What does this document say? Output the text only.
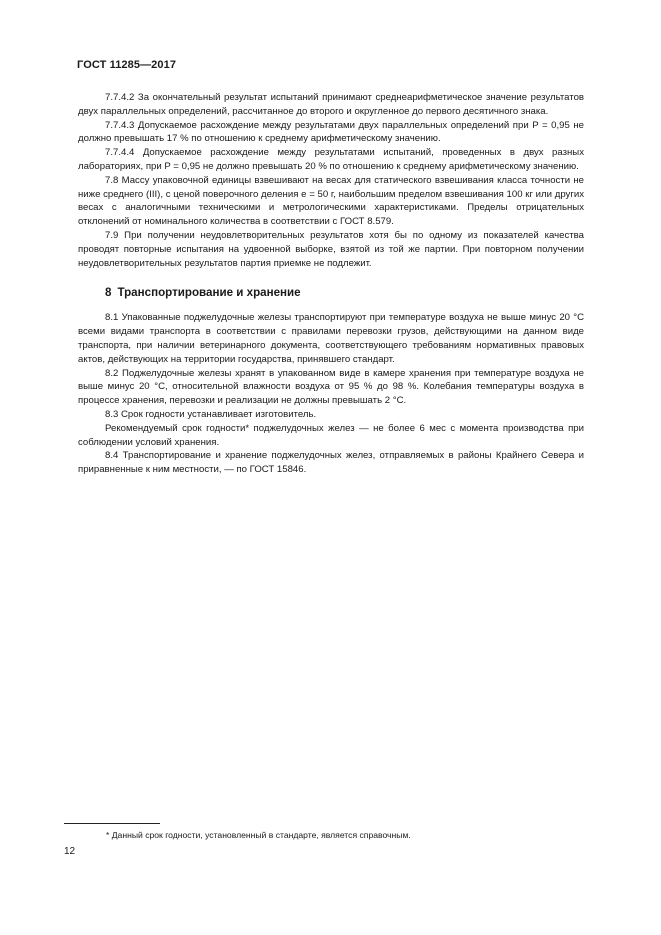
ГОСТ 11285—2017

7.7.4.2 За окончательный результат испытаний принимают среднеарифметическое значение результатов двух параллельных определений, рассчитанное до второго и округленное до первого десятичного знака.

7.7.4.3 Допускаемое расхождение между результатами двух параллельных определений при P = 0,95 не должно превышать 17 % по отношению к среднему арифметическому значению.

7.7.4.4 Допускаемое расхождение между результатами испытаний, проведенных в двух разных лабораториях, при P = 0,95 не должно превышать 20 % по отношению к среднему арифметическому значению.

7.8 Массу упаковочной единицы взвешивают на весах для статического взвешивания класса точности не ниже среднего (III), с ценой поверочного деления e = 50 г, наибольшим пределом взвешивания 100 кг или других весах с аналогичными техническими и метрологическими характеристиками. Пределы отрицательных отклонений от номинального количества в соответствии с ГОСТ 8.579.

7.9 При получении неудовлетворительных результатов хотя бы по одному из показателей качества проводят повторные испытания на удвоенной выборке, взятой из той же партии. При повторном получении неудовлетворительных результатов партия приемке не подлежит.

8 Транспортирование и хранение

8.1 Упакованные поджелудочные железы транспортируют при температуре воздуха не выше минус 20 °С всеми видами транспорта в соответствии с правилами перевозки грузов, действующими на данном виде транспорта, при наличии ветеринарного документа, соответствующего требованиям нормативных правовых актов, действующих на территории государства, принявшего стандарт.

8.2 Поджелудочные железы хранят в упакованном виде в камере хранения при температуре воздуха не выше минус 20 °С, относительной влажности воздуха от 95 % до 98 %. Колебания температуры воздуха в процессе хранения, перевозки и реализации не должны превышать 2 °С.

8.3 Срок годности устанавливает изготовитель.

Рекомендуемый срок годности* поджелудочных желез — не более 6 мес с момента производства при соблюдении условий хранения.

8.4 Транспортирование и хранение поджелудочных желез, отправляемых в районы Крайнего Севера и приравненные к ним местности, — по ГОСТ 15846.

* Данный срок годности, установленный в стандарте, является справочным.
12
